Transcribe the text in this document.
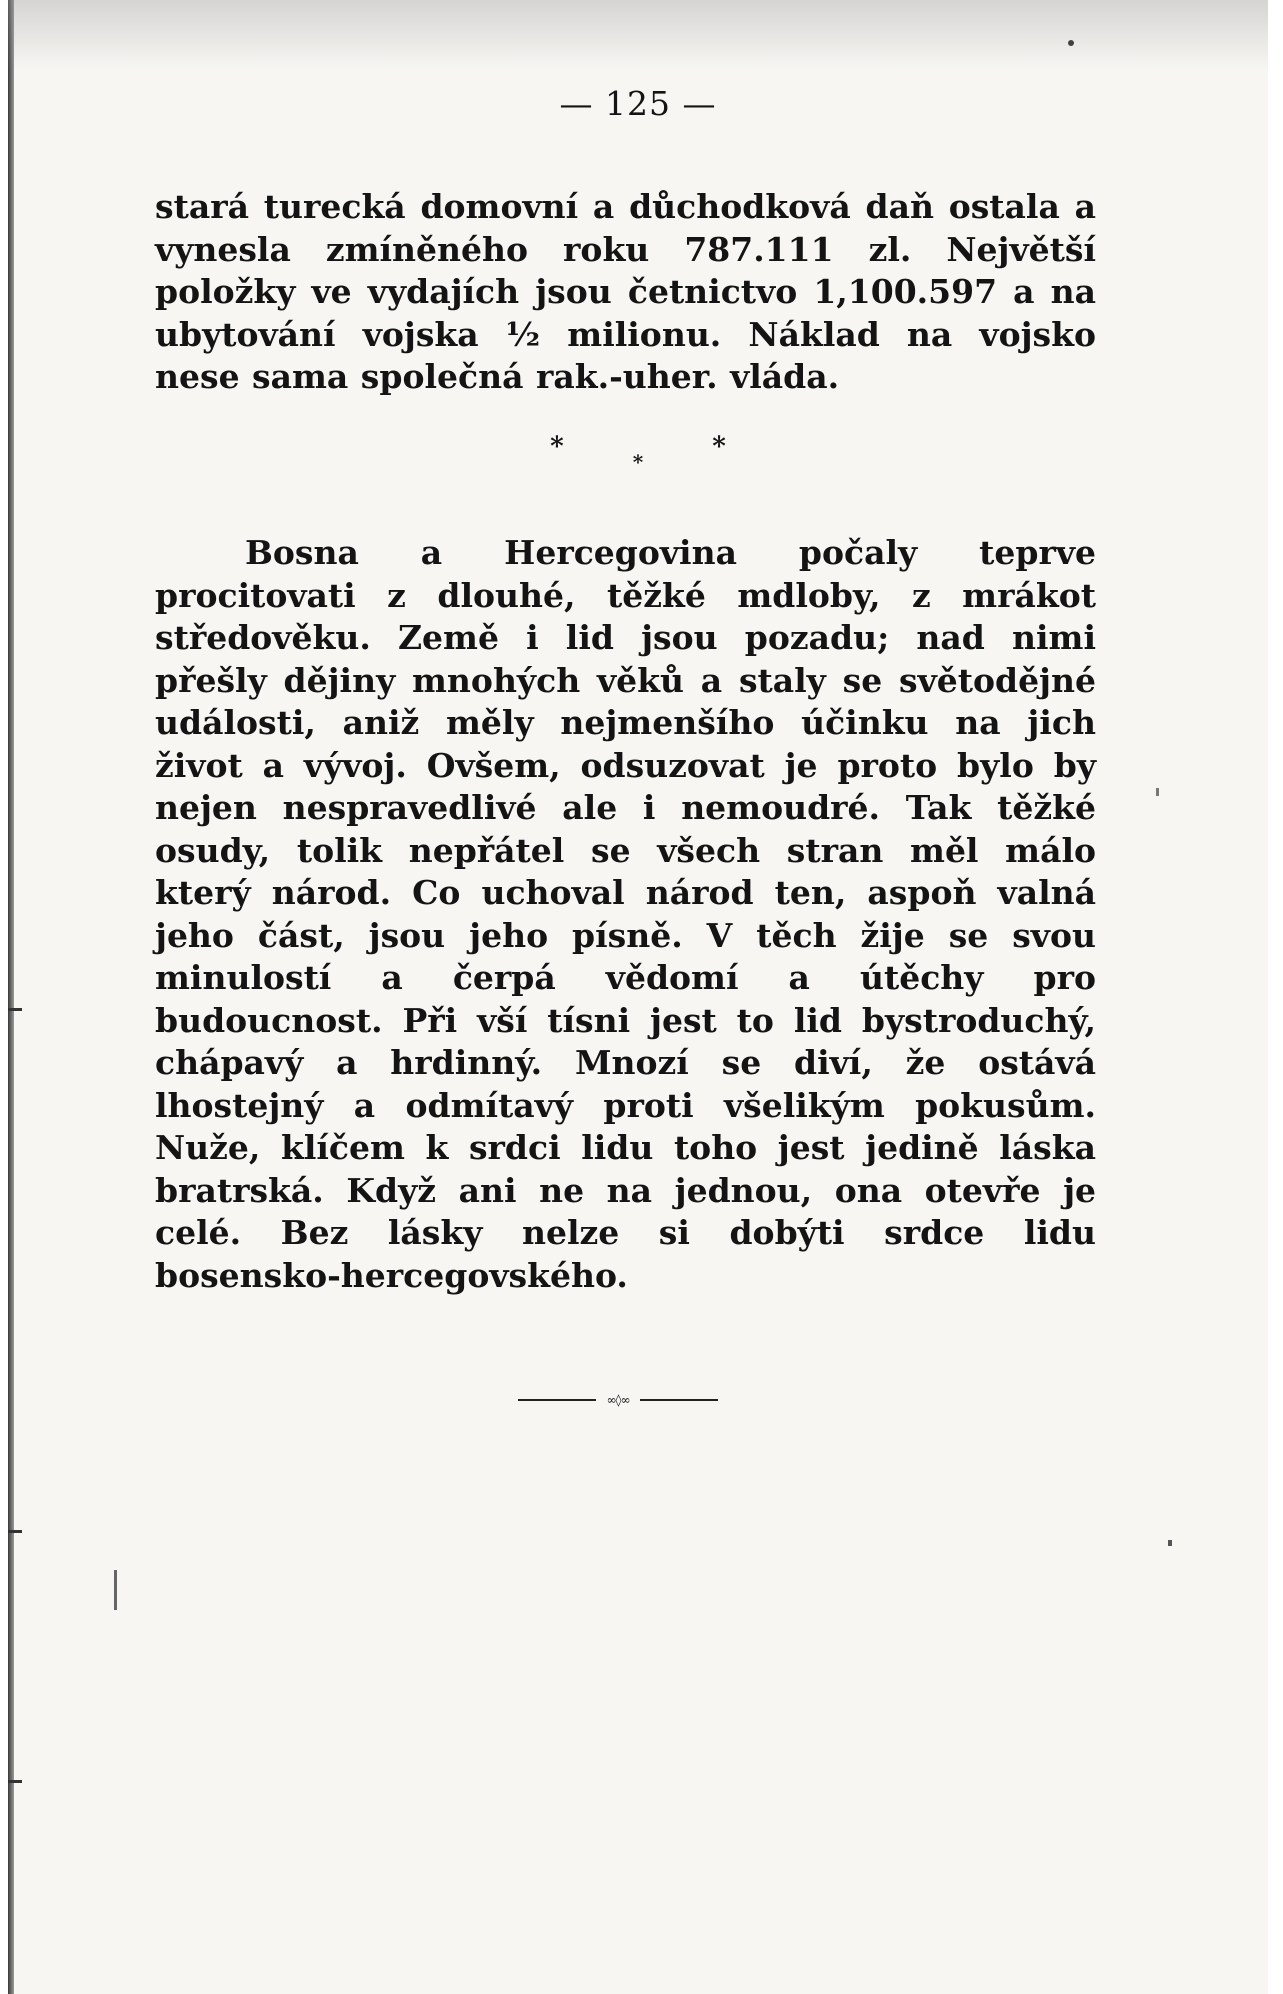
— 125 —

stará turecká domovní a důchodková daň ostala a vynesla zmíněného roku 787.111 zl. Největší položky ve vydajích jsou četnictvo 1,100.597 a na ubytování vojska ½ milionu. Náklad na vojsko nese sama společná rak.-uher. vláda.

*	*	*

Bosna a Hercegovina počaly teprve procitovati z dlouhé, těžké mdloby, z mrákot středověku. Země i lid jsou pozadu; nad nimi přešly dějiny mnohých věků a staly se světodějné události, aniž měly nejmenšího účinku na jich život a vývoj. Ovšem, odsuzovat je proto bylo by nejen nespravedlivé ale i nemoudré. Tak těžké osudy, tolik nepřátel se všech stran měl málo který národ. Co uchoval národ ten, aspoň valná jeho část, jsou jeho písně. V těch žije se svou minulostí a čerpá vědomí a útěchy pro budoucnost. Při vší tísni jest to lid bystroduchý, chápavý a hrdinný. Mnozí se diví, že ostává lhostejný a odmítavý proti všelikým pokusům. Nuže, klíčem k srdci lidu toho jest jedině láska bratrská. Když ani ne na jednou, ona otevře je celé. Bez lásky nelze si dobýti srdce lidu bosensko-hercegovského.

∞◊∞
